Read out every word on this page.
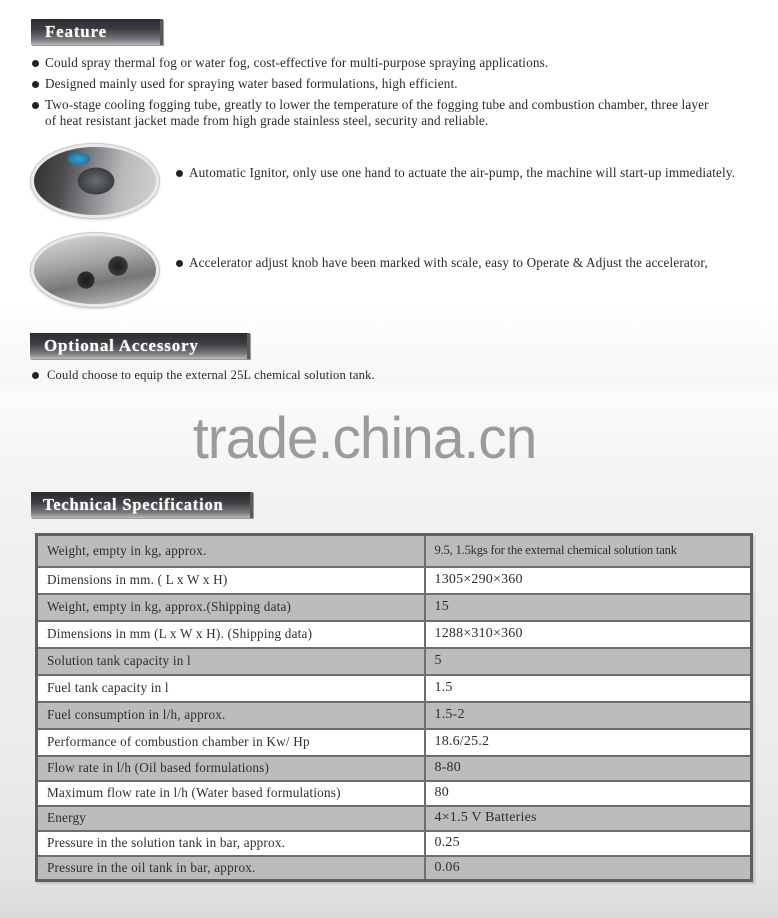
Feature
Could spray thermal fog or water fog, cost-effective for multi-purpose spraying applications.
Designed mainly used for spraying water based formulations, high efficient.
Two-stage cooling fogging tube, greatly to lower the temperature of the fogging tube and combustion chamber, three layer of heat resistant jacket made from high grade stainless steel, security and reliable.
Automatic Ignitor, only use one hand to actuate the air-pump, the machine will start-up immediately.
Accelerator adjust knob have been marked with scale, easy to Operate & Adjust the accelerator,
Optional Accessory
Could choose to equip the external 25L chemical solution tank.
trade.china.cn
Technical Specification
Weight, empty in kg, approx.	9.5, 1.5kgs for the external chemical solution tank
Dimensions in mm. ( L x W x H)	1305×290×360
Weight, empty in kg, approx.(Shipping data)	15
Dimensions in mm (L x W x H). (Shipping data)	1288×310×360
Solution tank capacity in l	5
Fuel tank capacity in l	1.5
Fuel consumption in l/h, approx.	1.5-2
Performance of combustion chamber in Kw/ Hp	18.6/25.2
Flow rate in l/h (Oil based formulations)	8-80
Maximum flow rate in l/h (Water based formulations)	80
Energy	4×1.5 V Batteries
Pressure in the solution tank in bar, approx.	0.25
Pressure in the oil tank in bar, approx.	0.06
